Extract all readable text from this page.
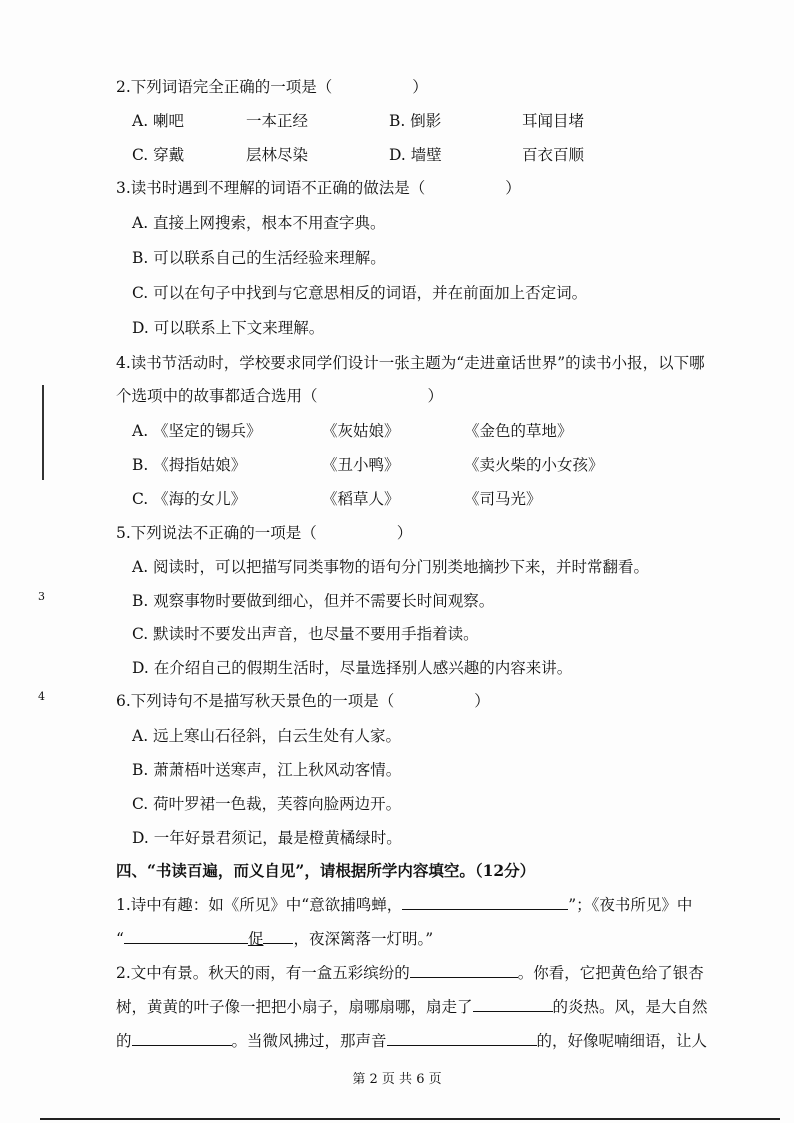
2.下列词语完全正确的一项是（	）
A. 喇吧	一本正经	B. 倒影	耳闻目堵
C. 穿戴	层林尽染	D. 墙壁	百衣百顺
3.读书时遇到不理解的词语不正确的做法是（	）
A. 直接上网搜索，根本不用查字典。
B. 可以联系自己的生活经验来理解。
C. 可以在句子中找到与它意思相反的词语，并在前面加上否定词。
D. 可以联系上下文来理解。
4.读书节活动时，学校要求同学们设计一张主题为“走进童话世界”的读书小报，以下哪
个选项中的故事都适合选用（	）
A. 《坚定的锡兵》	《灰姑娘》	《金色的草地》
B. 《拇指姑娘》	《丑小鸭》	《卖火柴的小女孩》
C. 《海的女儿》	《稻草人》	《司马光》
5.下列说法不正确的一项是（	）
A. 阅读时，可以把描写同类事物的语句分门别类地摘抄下来，并时常翻看。
B. 观察事物时要做到细心，但并不需要长时间观察。
C. 默读时不要发出声音，也尽量不要用手指着读。
D. 在介绍自己的假期生活时，尽量选择别人感兴趣的内容来讲。
6.下列诗句不是描写秋天景色的一项是（	）
A. 远上寒山石径斜，白云生处有人家。
B. 萧萧梧叶送寒声，江上秋风动客情。
C. 荷叶罗裙一色裁，芙蓉向脸两边开。
D. 一年好景君须记，最是橙黄橘绿时。
四、“书读百遍，而义自见”，请根据所学内容填空。（12分）
1.诗中有趣：如《所见》中“意欲捕鸣蝉，	”；《夜书所见》中
“	促 ，夜深篱落一灯明。”
2.文中有景。秋天的雨，有一盒五彩缤纷的	。你看，它把黄色给了银杏
树，黄黄的叶子像一把把小扇子，扇哪扇哪，扇走了	的炎热。风，是大自然
的	。当微风拂过，那声音	的，好像呢喃细语，让人
第 2 页 共 6 页
3
4
